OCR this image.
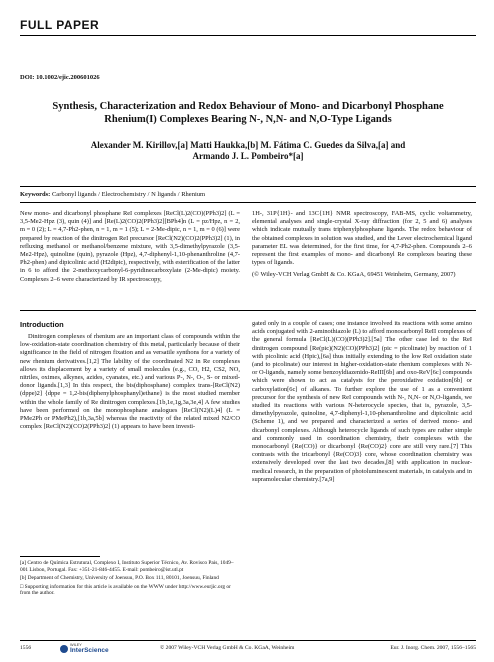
FULL PAPER
DOI: 10.1002/ejic.200601026
Synthesis, Characterization and Redox Behaviour of Mono- and Dicarbonyl Phosphane Rhenium(I) Complexes Bearing N-, N,N- and N,O-Type Ligands
Alexander M. Kirillov,[a] Matti Haukka,[b] M. Fátima C. Guedes da Silva,[a] and
Armando J. L. Pombeiro*[a]
Keywords: Carbonyl ligands / Electrochemistry / N ligands / Rhenium

New mono- and dicarbonyl phosphane ReI complexes [ReCl(L)2(CO)(PPh3)2] (L = 3,5-Me2-Hpz (3), quin (4)] and [Re(L)2(CO)2(PPh3)2][BPh4]n (L = pz/Hpz, n = 2, m = 0 (2); L = 4,7-Ph2-phen, n = 1, m = 1 (5); L = 2-Me-dipic, n = 1, m = 0 (6)] were prepared by reaction of the dinitrogen ReI precursor [ReCl(N2)(CO)2(PPh3)2] (1), in refluxing methanol or methanol/benzene mixture, with 3,5-dimethylpyrazole (3,5-Me2-Hpz), quinoline (quin), pyrazole (Hpz), 4,7-diphenyl-1,10-phenanthroline (4,7-Ph2-phen) and dipicolinic acid (H2dipic), respectively, with esterification of the latter in 6 to afford the 2-methoxycarbonyl-6-pyridinecarboxylate (2-Me-dipic) moiety. Complexes 2–6 were characterized by IR spectroscopy,

1H-, 31P{1H}- and 13C{1H} NMR spectroscopy, FAB-MS, cyclic voltammetry, elemental analyses and single-crystal X-ray diffraction (for 2, 5 and 6) analyses which indicate mutually trans triphenylphosphane ligands. The redox behaviour of the obtained complexes in solution was studied, and the Lever electrochemical ligand parameter EL was determined, for the first time, for 4,7-Ph2-phen. Compounds 2–6 represent the first examples of mono- and dicarbonyl Re complexes bearing these types of ligands.

(© Wiley-VCH Verlag GmbH & Co. KGaA, 69451 Weinheim, Germany, 2007)

Introduction

Dinitrogen complexes of rhenium are an important class of compounds within the low-oxidation-state coordination chemistry of this metal, particularly because of their significance in the field of nitrogen fixation and as versatile synthons for a variety of new rhenium derivatives.[1,2] The lability of the coordinated N2 in Re complexes allows its displacement by a variety of small molecules (e.g., CO, H2, CS2, NO, nitriles, oximes, alkynes, azides, cyanates, etc.) and various P-, N-, O-, S- or mixed-donor ligands.[1,3] In this respect, the bis(diphosphane) complex trans-[ReCl(N2)(dppe)2] {dppe = 1,2-bis(diphenylphosphanyl)ethane} is the most studied member within the whole family of Re dinitrogen complexes.[1b,1e,1g,3a,3e,4] A few studies have been performed on the monophosphane analogues [ReCl(N2)(L)4] (L = PMe2Ph or PMePh2),[1b,3a,5b] whereas the reactivity of the related mixed N2/CO complex [ReCl(N2)(CO)2(PPh3)2] (1) appears to have been investi-

gated only in a couple of cases; one instance involved its reactions with some amino acids conjugated with 2-aminothiazole (L) to afford monocarbonyl ReII complexes of the general formula [ReCl(L)(CO)(PPh3)2].[5a] The other case led to the ReI dinitrogen compound [Re(pic)(N2)(CO)(PPh3)2] (pic = picolinate) by reaction of 1 with picolinic acid (Hpic),[6a] thus initially extending to the low ReI oxidation state (and to picolinate) our interest in higher-oxidation-state rhenium complexes with N- or O-ligands, namely some benzoyldiazenido-ReIII[6b] and oxo-ReV[6c] compounds which were shown to act as catalysts for the peroxidative oxidation[6b] or carboxylation[6c] of alkanes. To further explore the use of 1 as a convenient precursor for the synthesis of new ReI compounds with N-, N,N- or N,O-ligands, we studied its reactions with various N-heterocycle species, that is, pyrazole, 3,5-dimethylpyrazole, quinoline, 4,7-diphenyl-1,10-phenanthroline and dipicolinic acid (Scheme 1), and we prepared and characterized a series of derived mono- and dicarbonyl complexes. Although heterocycle ligands of such types are rather simple and commonly used in coordination chemistry, their complexes with the monocarbonyl {Re(CO)} or dicarbonyl {Re(CO)2} core are still very rare.[7] This contrasts with the tricarbonyl {Re(CO)3} core, whose coordination chemistry was extensively developed over the last two decades,[8] with application in nuclear-medical research, in the preparation of photoluminescent materials, in catalysis and in supramolecular chemistry.[7a,9]

[a] Centro de Química Estrutural, Complexo I, Instituto Superior Técnico, Av. Rovisco Pais, 1049–001 Lisbon, Portugal. Fax: +351-21-846-4455. E-mail: pombeiro@ist.utl.pt

[b] Department of Chemistry, University of Joensuu, P.O. Box 111, 80101, Joensuu, Finland

□ Supporting information for this article is available on the WWW under http://www.eurjic.org or from the author.

1556	WILEY
InterScience	© 2007 Wiley-VCH Verlag GmbH & Co. KGaA, Weinheim	Eur. J. Inorg. Chem. 2007, 1556–1565
